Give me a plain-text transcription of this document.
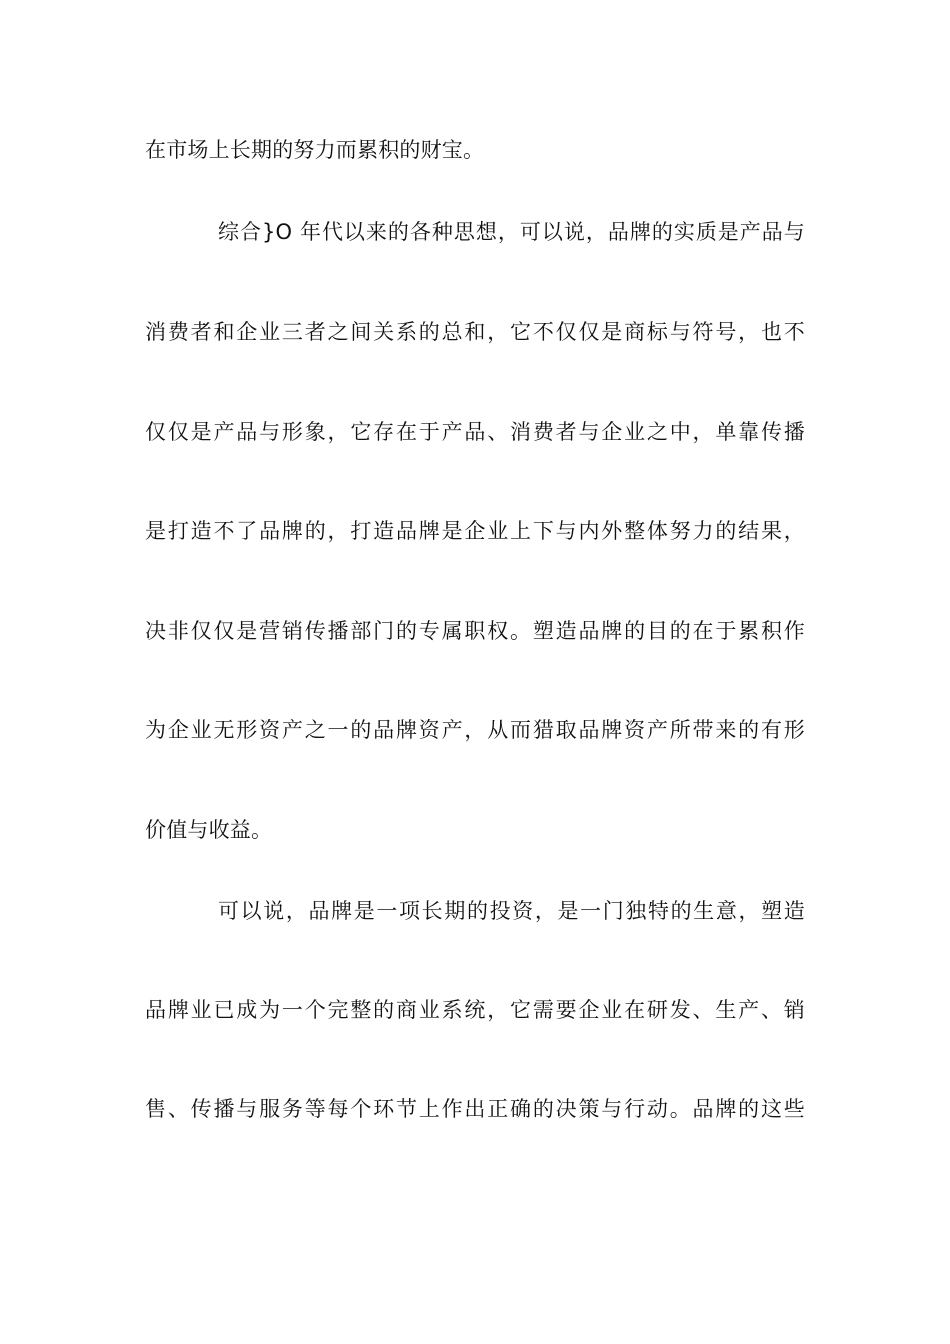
在市场上长期的努力而累积的财宝。
综合}O 年代以来的各种思想，可以说，品牌的实质是产品与
消费者和企业三者之间关系的总和，它不仅仅是商标与符号，也不
仅仅是产品与形象，它存在于产品、消费者与企业之中，单靠传播
是打造不了品牌的，打造品牌是企业上下与内外整体努力的结果，
决非仅仅是营销传播部门的专属职权。塑造品牌的目的在于累积作
为企业无形资产之一的品牌资产，从而猎取品牌资产所带来的有形
价值与收益。
可以说，品牌是一项长期的投资，是一门独特的生意，塑造
品牌业已成为一个完整的商业系统，它需要企业在研发、生产、销
售、传播与服务等每个环节上作出正确的决策与行动。品牌的这些
